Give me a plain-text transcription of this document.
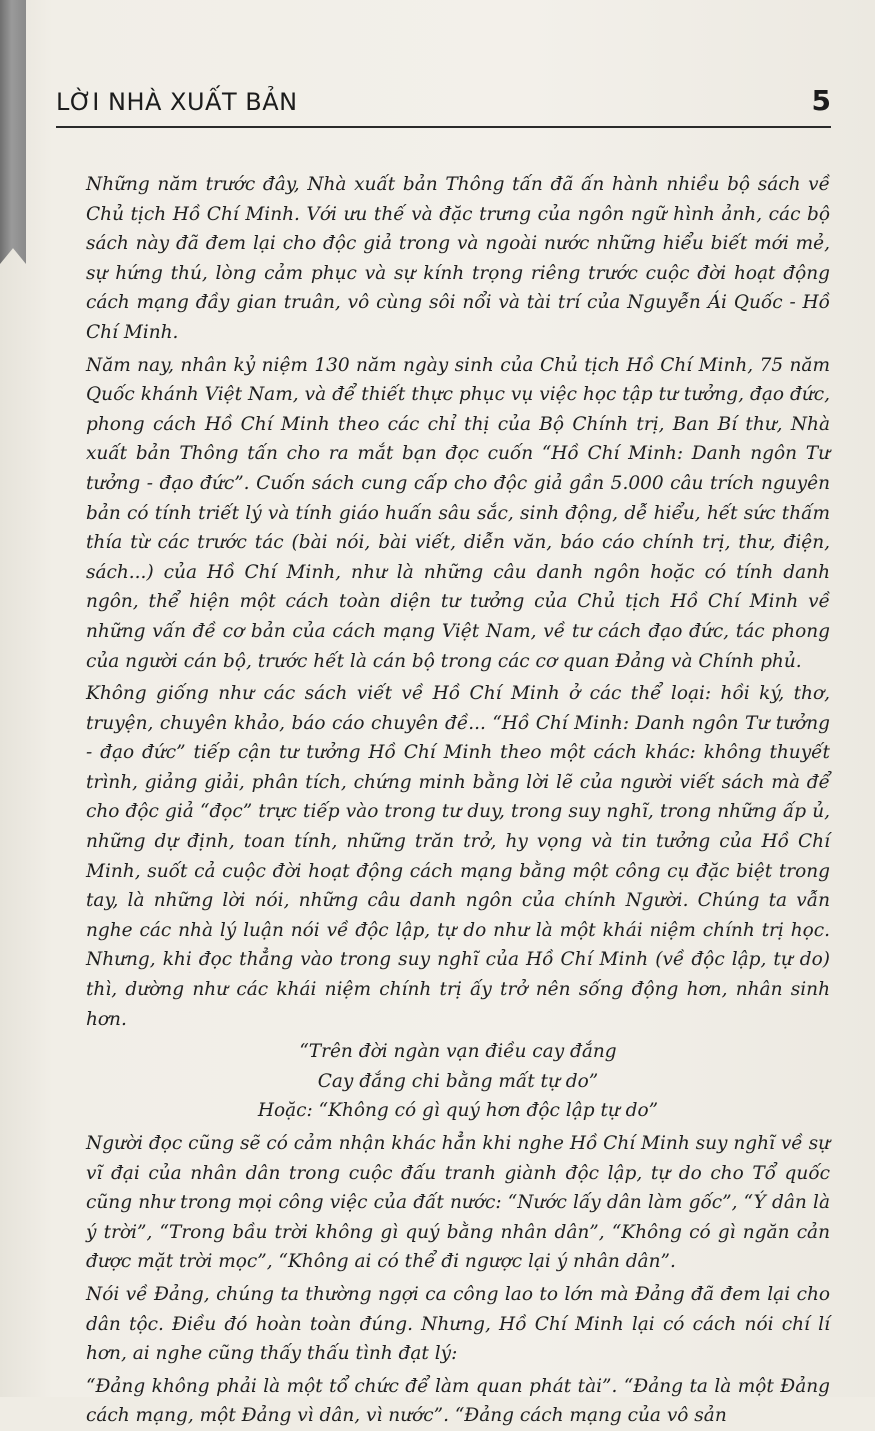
LỜI NHÀ XUẤT BẢN	5

Những năm trước đây, Nhà xuất bản Thông tấn đã ấn hành nhiều bộ sách về Chủ tịch Hồ Chí Minh. Với ưu thế và đặc trưng của ngôn ngữ hình ảnh, các bộ sách này đã đem lại cho độc giả trong và ngoài nước những hiểu biết mới mẻ, sự hứng thú, lòng cảm phục và sự kính trọng riêng trước cuộc đời hoạt động cách mạng đầy gian truân, vô cùng sôi nổi và tài trí của Nguyễn Ái Quốc - Hồ Chí Minh.

Năm nay, nhân kỷ niệm 130 năm ngày sinh của Chủ tịch Hồ Chí Minh, 75 năm Quốc khánh Việt Nam, và để thiết thực phục vụ việc học tập tư tưởng, đạo đức, phong cách Hồ Chí Minh theo các chỉ thị của Bộ Chính trị, Ban Bí thư, Nhà xuất bản Thông tấn cho ra mắt bạn đọc cuốn “Hồ Chí Minh: Danh ngôn Tư tưởng - đạo đức”. Cuốn sách cung cấp cho độc giả gần 5.000 câu trích nguyên bản có tính triết lý và tính giáo huấn sâu sắc, sinh động, dễ hiểu, hết sức thấm thía từ các trước tác (bài nói, bài viết, diễn văn, báo cáo chính trị, thư, điện, sách...) của Hồ Chí Minh, như là những câu danh ngôn hoặc có tính danh ngôn, thể hiện một cách toàn diện tư tưởng của Chủ tịch Hồ Chí Minh về những vấn đề cơ bản của cách mạng Việt Nam, về tư cách đạo đức, tác phong của người cán bộ, trước hết là cán bộ trong các cơ quan Đảng và Chính phủ.

Không giống như các sách viết về Hồ Chí Minh ở các thể loại: hồi ký, thơ, truyện, chuyên khảo, báo cáo chuyên đề... “Hồ Chí Minh: Danh ngôn Tư tưởng - đạo đức” tiếp cận tư tưởng Hồ Chí Minh theo một cách khác: không thuyết trình, giảng giải, phân tích, chứng minh bằng lời lẽ của người viết sách mà để cho độc giả “đọc” trực tiếp vào trong tư duy, trong suy nghĩ, trong những ấp ủ, những dự định, toan tính, những trăn trở, hy vọng và tin tưởng của Hồ Chí Minh, suốt cả cuộc đời hoạt động cách mạng bằng một công cụ đặc biệt trong tay, là những lời nói, những câu danh ngôn của chính Người. Chúng ta vẫn nghe các nhà lý luận nói về độc lập, tự do như là một khái niệm chính trị học. Nhưng, khi đọc thẳng vào trong suy nghĩ của Hồ Chí Minh (về độc lập, tự do) thì, dường như các khái niệm chính trị ấy trở nên sống động hơn, nhân sinh hơn.

“Trên đời ngàn vạn điều cay đắng

Cay đắng chi bằng mất tự do”

Hoặc: “Không có gì quý hơn độc lập tự do”

Người đọc cũng sẽ có cảm nhận khác hẳn khi nghe Hồ Chí Minh suy nghĩ về sự vĩ đại của nhân dân trong cuộc đấu tranh giành độc lập, tự do cho Tổ quốc cũng như trong mọi công việc của đất nước: “Nước lấy dân làm gốc”, “Ý dân là ý trời”, “Trong bầu trời không gì quý bằng nhân dân”, “Không có gì ngăn cản được mặt trời mọc”, “Không ai có thể đi ngược lại ý nhân dân”.

Nói về Đảng, chúng ta thường ngợi ca công lao to lớn mà Đảng đã đem lại cho dân tộc. Điều đó hoàn toàn đúng. Nhưng, Hồ Chí Minh lại có cách nói chí lí hơn, ai nghe cũng thấy thấu tình đạt lý:

“Đảng không phải là một tổ chức để làm quan phát tài”. “Đảng ta là một Đảng cách mạng, một Đảng vì dân, vì nước”. “Đảng cách mạng của vô sản
